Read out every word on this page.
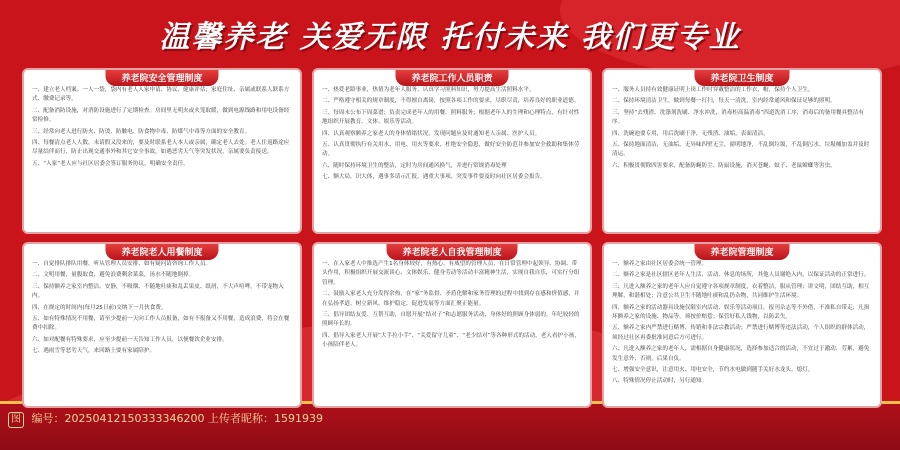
温馨养老 关爱无限 托付未来 我们更专业
养老院安全管理制度
一、建立老人档案。一人一袋，袋内有老人入家申请、协议、健康评估；家庭住址、亲属或联系人联系方式、缴费记录等。
二、配备消防设施，对消防设施进行了定期检查。房间里无明火或火笼取暖，做到电源线路和用电设备经常检修。
三、经常向老人进行防火、防烫、防触电、防食物中毒、防煤气中毒等方面的安全教育。
四、每餐清点老人人数，未请假又没来的，要及时联系老人本人或亲属，确定老人去处。老人住返路途应尽量结伴而行，防止出现交通事外和其它安全事故。如遇恶劣天气等突发状况，亲属要负责接送。
五、“入家”老人应与社区居委会签订服务协议，明确安全责任。
养老院工作人员职责
一、热爱老龄事业，热情为老年人服务。认真学习照料知识，努力提高生活照料水平。
二、严格遵守相关的规章制度，不得擅自离岗，按照各项工作的要求，尽职尽责，培养良好的职业道德。
三、每周末公布下周菜谱；负责完成老年人的用餐、照料服务；根据老年人的生理和心理特点，有针对性地组织开展教育、文体、娱乐等活动。
四、认真观察额养之家老人的身体情绪状况，发现问题应及时通知老人亲属、医护人员。
五、认真贯彻执行有关用水、用电、用火等要求，杜绝安全隐患，做好安全防范并参加安全救助和集体劳动。
六、随时保持环境卫生的整洁，定时为房间通风换气，并进行常规消毒处理
七、额大局，识大体，遇事多请示汇报，遇重大事项、突发事件要及时向社区居委会报告。
养老院卫生制度
一、服务人员持有效健康证明上岗工作时穿戴整洁的工作衣、帽，保持个人卫生。
二、保持环境清洁卫生，做到每餐一打扫，每天一清洗，室内经常通风和保证足够的照明。
三、坚持“去残渣、洗涤剂洗刷、净水冲洗，消毒柜高温消毒”四道洗消工序，消毒后的备用餐具整洁有序。
四、洗碗池要专用，用后洗刷干净，无残渣、油垢，表面清洁。
五、保持地面清洁，无油垢、无异味四壁无尘，窗明地净，不乱倒垃圾，不乱倒污水，垃圾桶加盖并及时清运。
六、积极贯彻除四害要求，配备防蝇防尘、防鼠设施，消灭苍蝇、蚊子、老鼠蟑螂等害虫。
养老院老人用餐制度
一、自觉排队排队用餐，听从管理人员安排，如有疑问请咨询工作人员。
二、文明用餐，量腹取食，避免浪费剩余菜菜，汤水不随地倒掉。
三、保持额养之家室内整洁、安静，不吸烟、不随地吐痰和乱丢果皮、纸屑，不大声喧哗，不带宠物入内。
四、在规定的时间内(每月25日前)交纳下一月伙食费。
五、如有特殊情况不用餐，请至少提前一天向工作人员报备，如有不报备又不用餐，造成浪费，将会在餐费中扣除。
六、如对配餐有特殊要求，应至少提前一天告知工作人员，以便餐饮企业安排。
七、遇雨雪等恶劣天气，来回路上要有家属陪护。
养老院老人自我管理制度
一、在入家老人中推选产生1名身体较好，有热心、有威望的管理人员，在日常管理中起领导、协调、带头作用，积极组织开展交流谈心、文体娱乐、健身劳动等活动丰富精神生活，实现自我自乐，可实行分组管理。
二、鼓励入家老人充分发挥余热，在“家”务监督、矛盾化解和家务管理的过程中找到存在感和价值感，并在弘扬孝道、树立新风、维护稳定、促进发展等方面汇聚正能量。
三、倡导团结友爱、互帮互助，自愿开展“结对子”和志愿服务活动，身体好的照顾身体弱的，年纪较轻的照顾年长的。
四、倡导入家老人开展“大手拉小手”、“关爱留守儿童”、“老少结对”等各种形式的活动，老人看护小孩，小孩陪伴老人。
养老院管理制度
一、额养之家由社区居委会统一管理。
二、额养之家是社区辖区老年人生活、活动、休息的场所，其他人员谢绝入内，以保证活动的正常进行。
三、凡进入额养之家的老年人应自觉遵守各项规章制度，衣着整洁，服从管理；讲文明，团结互助，相互理解，和谐相处；注意公共卫生不随地吐痰和乱扔杂物，共同维护生活环境。
四、额养之家的活动器具设施仅限室内活动、娱乐等活动项目，报刊杂志等不外借，不准私自带走；凡损坏额养之家的设施、物品等，须按价赔偿；保管好私人钱物，以防丢失。
五、额养之家内严禁进行赌博、传销和非法宗教活动；严禁进行赌博等违法活动，个人组织的群体活动，须经过社区再委批准同意后方可进行。
六、凡进入额养之家的老年人，需根据自身健康状况，选择参加适合的活动，不宜过于激动、劳累，避免发生意外；否则，后果自负。
七、增强安全意识，注意用火、用电安全，节约水电做到随手关好水龙头、熄灯。
八、特殊情况停止活动时，另行通知。
图 编号：20250412150333346200 上传者昵称：1591939
